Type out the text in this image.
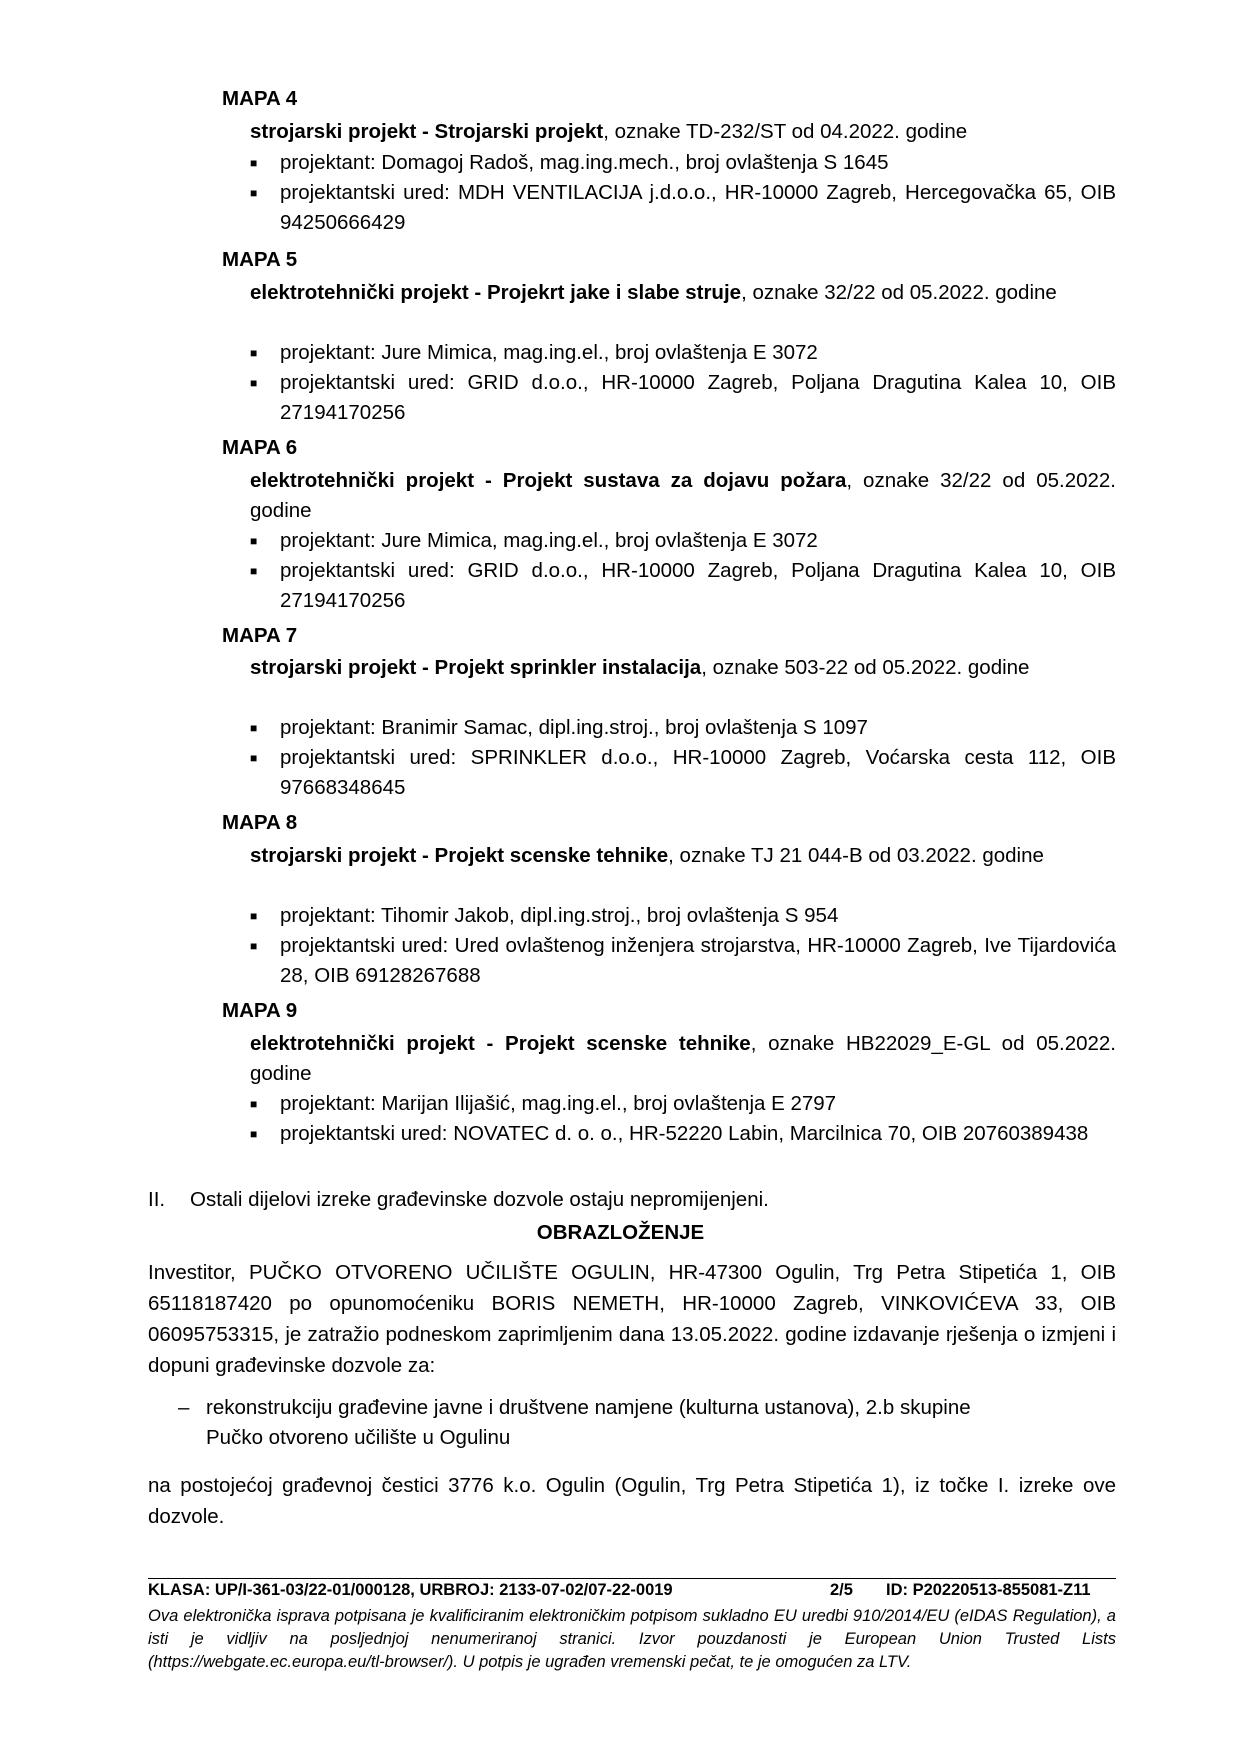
MAPA 4
strojarski projekt - Strojarski projekt, oznake TD-232/ST od 04.2022. godine
■ projektant: Domagoj Radoš, mag.ing.mech., broj ovlaštenja S 1645
■ projektantski ured: MDH VENTILACIJA j.d.o.o., HR-10000 Zagreb, Hercegovačka 65, OIB 94250666429
MAPA 5
elektrotehnički projekt - Projekrt jake i slabe struje, oznake 32/22 od 05.2022. godine
■ projektant: Jure Mimica, mag.ing.el., broj ovlaštenja E 3072
■ projektantski ured: GRID d.o.o., HR-10000 Zagreb, Poljana Dragutina Kalea 10, OIB 27194170256
MAPA 6
elektrotehnički projekt - Projekt sustava za dojavu požara, oznake 32/22 od 05.2022. godine
■ projektant: Jure Mimica, mag.ing.el., broj ovlaštenja E 3072
■ projektantski ured: GRID d.o.o., HR-10000 Zagreb, Poljana Dragutina Kalea 10, OIB 27194170256
MAPA 7
strojarski projekt - Projekt sprinkler instalacija, oznake 503-22 od 05.2022. godine
■ projektant: Branimir Samac, dipl.ing.stroj., broj ovlaštenja S 1097
■ projektantski ured: SPRINKLER d.o.o., HR-10000 Zagreb, Voćarska cesta 112, OIB 97668348645
MAPA 8
strojarski projekt - Projekt scenske tehnike, oznake TJ 21 044-B od 03.2022. godine
■ projektant: Tihomir Jakob, dipl.ing.stroj., broj ovlaštenja S 954
■ projektantski ured: Ured ovlaštenog inženjera strojarstva, HR-10000 Zagreb, Ive Tijardovića 28, OIB 69128267688
MAPA 9
elektrotehnički projekt - Projekt scenske tehnike, oznake HB22029_E-GL od 05.2022. godine
■ projektant: Marijan Ilijašić, mag.ing.el., broj ovlaštenja E 2797
■ projektantski ured: NOVATEC d. o. o., HR-52220 Labin, Marcilnica 70, OIB 20760389438
II. Ostali dijelovi izreke građevinske dozvole ostaju nepromijenjeni.
OBRAZLOŽENJE
Investitor, PUČKO OTVORENO UČILIŠTE OGULIN, HR-47300 Ogulin, Trg Petra Stipetića 1, OIB 65118187420 po opunomoćeniku BORIS NEMETH, HR-10000 Zagreb, VINKOVIĆEVA 33, OIB 06095753315, je zatražio podneskom zaprimljenim dana 13.05.2022. godine izdavanje rješenja o izmjeni i dopuni građevinske dozvole za:
– rekonstrukciju građevine javne i društvene namjene (kulturna ustanova), 2.b skupine
Pučko otvoreno učilište u Ogulinu
na postojećoj građevnoj čestici 3776 k.o. Ogulin (Ogulin, Trg Petra Stipetića 1), iz točke I. izreke ove dozvole.
KLASA: UP/I-361-03/22-01/000128, URBROJ: 2133-07-02/07-22-0019	2/5 ID: P20220513-855081-Z11
Ova elektronička isprava potpisana je kvalificiranim elektroničkim potpisom sukladno EU uredbi 910/2014/EU (eIDAS Regulation), a isti je vidljiv na posljednjoj nenumeriranoj stranici. Izvor pouzdanosti je European Union Trusted Lists (https://webgate.ec.europa.eu/tl-browser/). U potpis je ugrađen vremenski pečat, te je omogućen za LTV.
